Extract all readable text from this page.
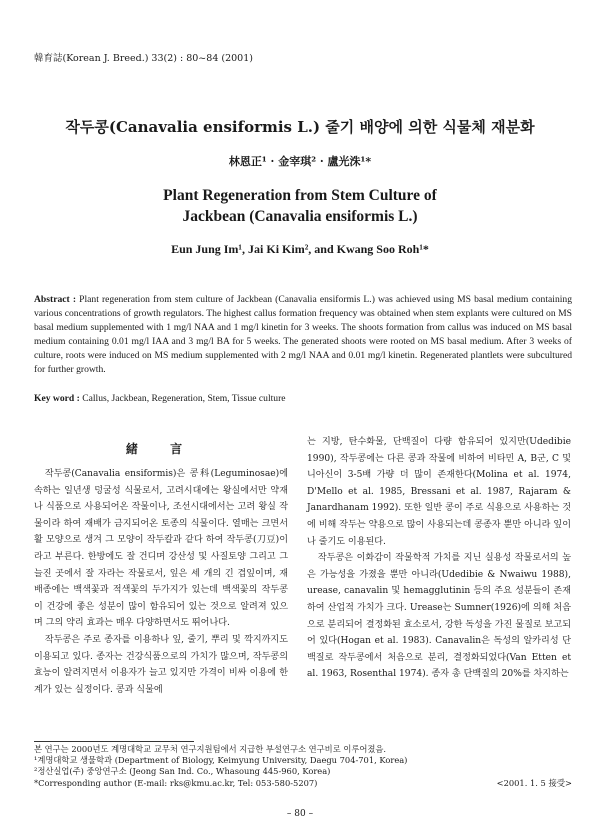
韓育誌(Korean J. Breed.) 33(2) : 80~84 (2001)
작두콩(Canavalia ensiformis L.) 줄기 배양에 의한 식물체 재분화
林恩正¹ · 金宰琪² · 盧光洙¹*
Plant Regeneration from Stem Culture of
Jackbean (Canavalia ensiformis L.)
Eun Jung Im¹, Jai Ki Kim², and Kwang Soo Roh¹*
Abstract : Plant regeneration from stem culture of Jackbean (Canavalia ensiformis L.) was achieved using MS basal medium containing various concentrations of growth regulators. The highest callus formation frequency was obtained when stem explants were cultured on MS basal medium supplemented with 1 mg/l NAA and 1 mg/l kinetin for 3 weeks. The shoots formation from callus was induced on MS basal medium containing 0.01 mg/l IAA and 3 mg/l BA for 5 weeks. The generated shoots were rooted on MS basal medium. After 3 weeks of culture, roots were induced on MS medium supplemented with 2 mg/l NAA and 0.01 mg/l kinetin. Regenerated plantlets were subcultured for further growth.
Key word : Callus, Jackbean, Regeneration, Stem, Tissue culture
緒 言

작두콩(Canavalia ensiformis)은 콩科(Leguminosae)에 속하는 일년생 덩굴성 식물로서, 고려시대에는 왕실에서만 약재나 식품으로 사용되어온 작물이나, 조선시대에서는 고려 왕실 작물이라 하여 재배가 금지되어온 토종의 식물이다. 열매는 크면서 활 모양으로 생겨 그 모양이 작두칼과 같다 하여 작두콩(刀豆)이라고 부른다. 한방에도 잘 건디며 강산성 및 사질토양 그리고 그늘진 곳에서 잘 자라는 작물로서, 잎은 세 개의 긴 겹잎이며, 재배종에는 백색꽃과 적색꽃의 두가지가 있는데 백색꽃의 작두콩이 건강에 좋은 성분이 많이 함유되어 있는 것으로 알려져 있으며 그의 약리 효과는 매우 다양하면서도 뛰어나다.

작두콩은 주로 종자를 이용하나 잎, 줄기, 뿌리 및 깍지까지도 이용되고 있다. 종자는 건강식품으로의 가치가 많으며, 작두콩의 효능이 알려지면서 이용자가 늘고 있지만 가격이 비싸 이용에 한계가 있는 실정이다. 콩과 식물에

는 지방, 탄수화물, 단백질이 다량 함유되어 있지만(Udedibie 1990), 작두콩에는 다른 콩과 작물에 비하여 비타민 A, B군, C 및 니아신이 3-5배 가량 더 많이 존재한다(Molina et al. 1974, D'Mello et al. 1985, Bressani et al. 1987, Rajaram & Janardhanam 1992). 또한 일반 콩이 주로 식용으로 사용하는 것에 비해 작두는 약용으로 많이 사용되는데 콩종자 뿐만 아니라 잎이나 줄기도 이용된다.

작두콩은 이화감이 작물학적 가치를 지닌 실용성 작물로서의 높은 가능성을 가졌을 뿐만 아니라(Udedibie & Nwaiwu 1988), urease, canavalin 및 hemagglutinin 등의 주요 성분들이 존재하여 산업적 가치가 크다. Urease는 Sumner(1926)에 의해 처음으로 분리되어 결정화된 효소로서, 강한 독성을 가진 물질로 보고되어 있다(Hogan et al. 1983). Canavalin은 독성의 알카리성 단백질로 작두콩에서 처음으로 분리, 결정화되었다(Van Etten et al. 1963, Rosenthal 1974). 종자 총 단백질의 20%를 차지하는

본 연구는 2000년도 계명대학교 교무처 연구지원팀에서 지급한 부설연구소 연구비로 이루어졌음.
¹계명대학교 생물학과 (Department of Biology, Keimyung University, Daegu 704-701, Korea)
²정산실업(주) 중앙연구소 (Jeong San Ind. Co., Whasoung 445-960, Korea)
*Corresponding author (E-mail: rks@kmu.ac.kr, Tel: 053-580-5207)	<2001. 1. 5 接受>
– 80 –
